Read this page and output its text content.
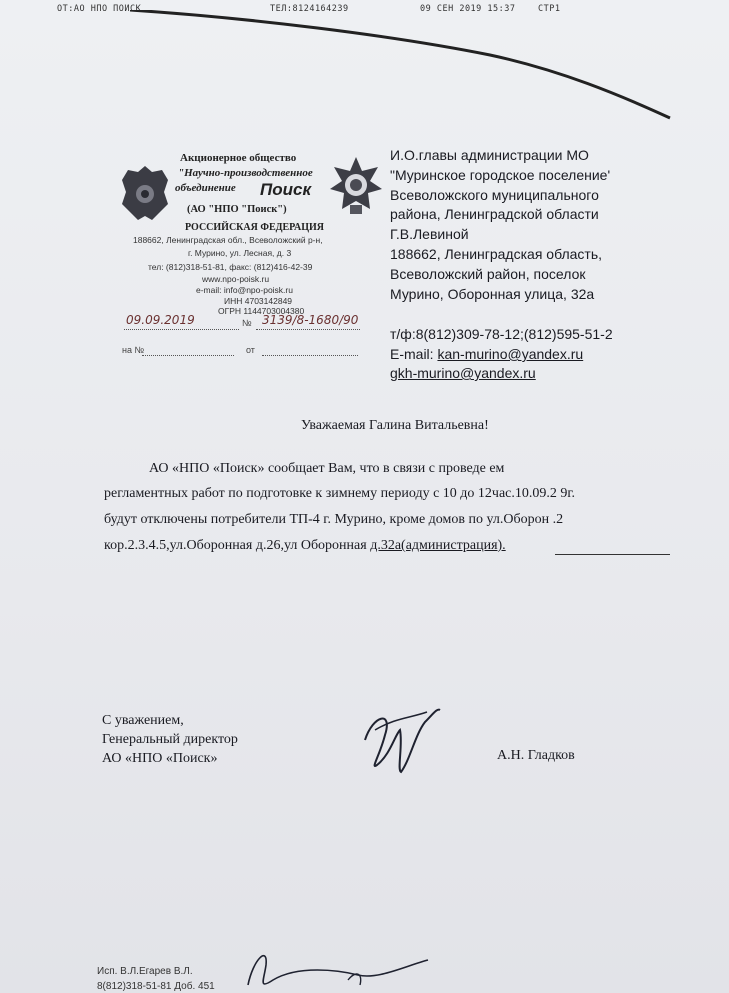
ОТ:АО НПО ПОИСК	ТЕЛ:8124164239	09 СЕН 2019 15:37	СТР1
Акционерное общество
"Научно-производственное
объединение Поиск
(АО "НПО "Поиск")
РОССИЙСКАЯ ФЕДЕРАЦИЯ
188662, Ленинградская обл., Всеволожский р-н,
г. Мурино, ул. Лесная, д. 3
тел: (812)318-51-81, факс: (812)416-42-39
www.npo-poisk.ru
e-mail: info@npo-poisk.ru
ИНН 4703142849
ОГРН 1144703004380
09.09.2019	№ 3139/8-1680/90
на №	от
И.О.главы администрации МО
"Муринское городское поселение'
Всеволожского муниципального
района, Ленинградской области
Г.В.Левиной
188662, Ленинградская область,
Всеволожский район, поселок
Мурино, Оборонная улица, 32а
т/ф:8(812)309-78-12;(812)595-51-2
E-mail: kan-murino@yandex.ru
gkh-murino@yandex.ru
Уважаемая Галина Витальевна!
АО «НПО «Поиск» сообщает Вам, что в связи с проведе ем
регламентных работ по подготовке к зимнему периоду с 10 до 12час.10.09.2 9г.
будут отключены потребители ТП-4 г. Мурино, кроме домов по ул.Оборон .2
кор.2.3.4.5,ул.Оборонная д.26,ул Оборонная д.32а(администрация).
С уважением,
Генеральный директор
АО «НПО «Поиск»	А.Н. Гладков
Исп. В.Л.Егарев В.Л.
8(812)318-51-81 Доб. 451
